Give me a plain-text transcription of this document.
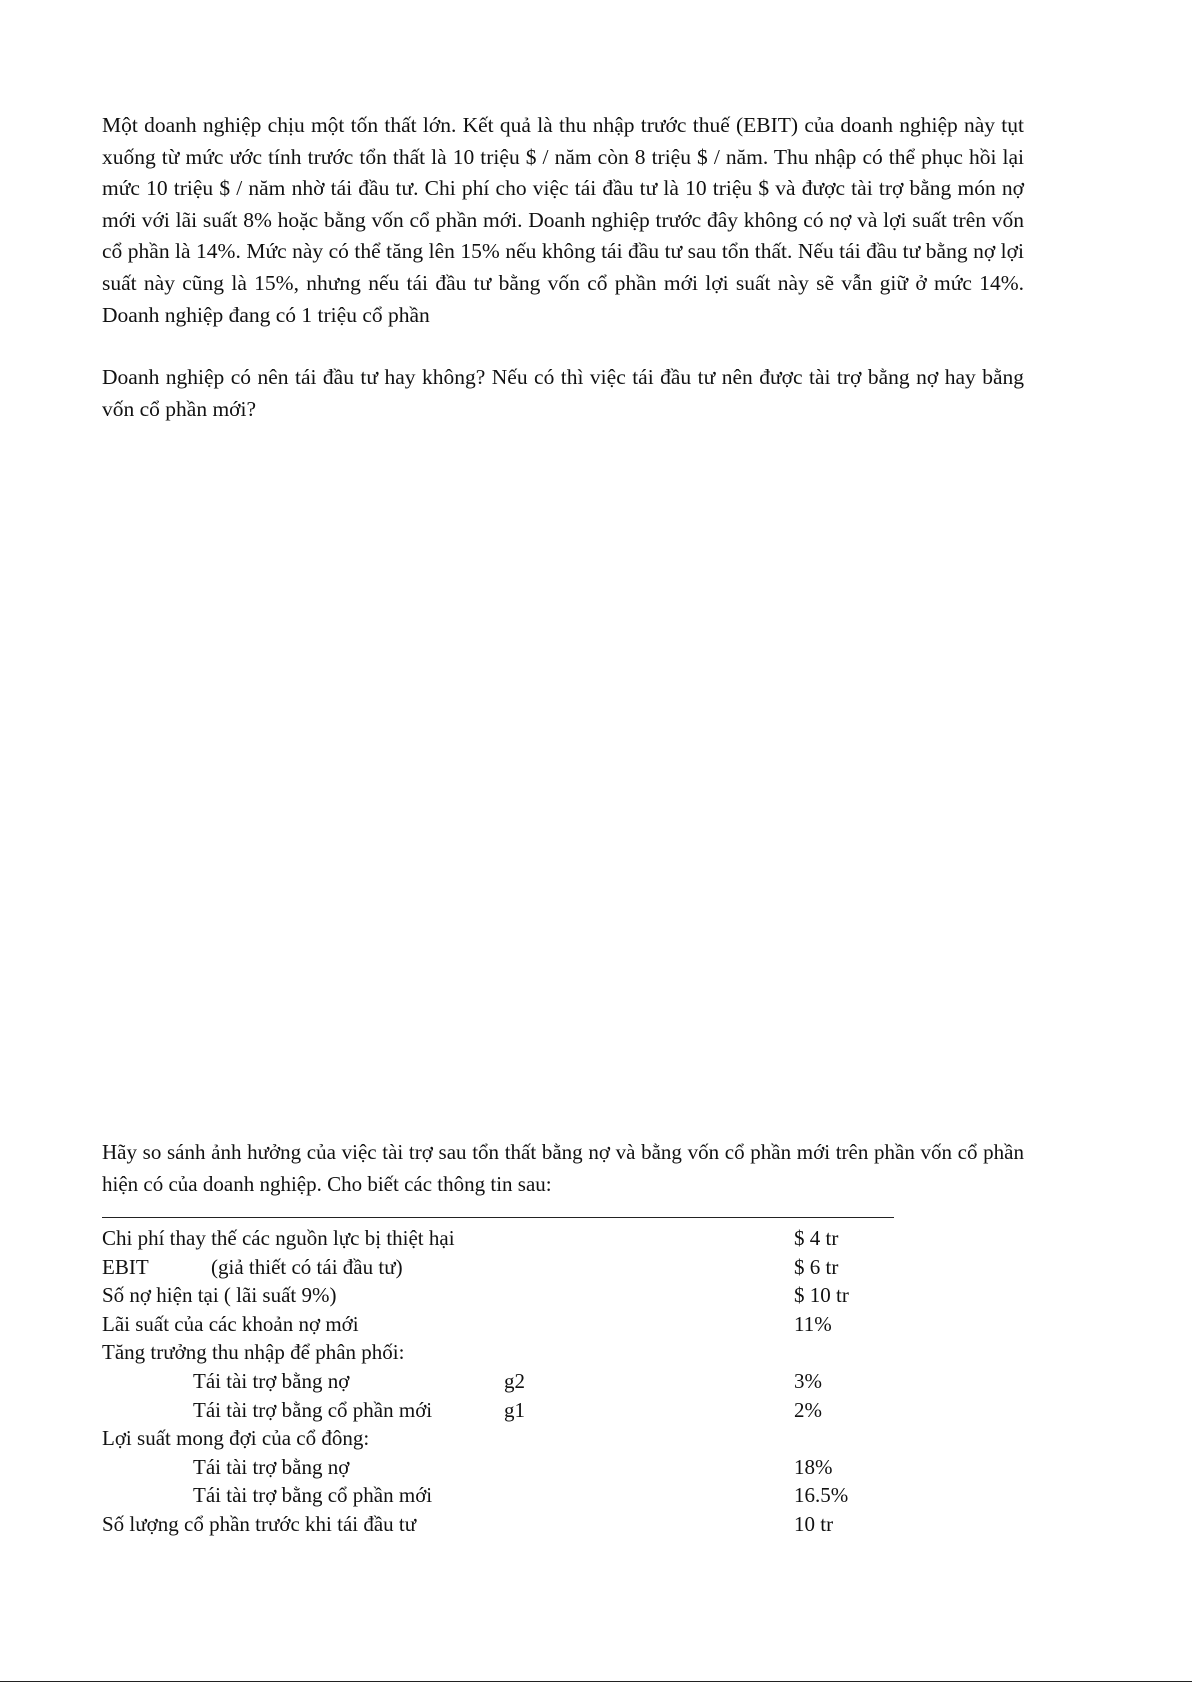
Một doanh nghiệp chịu một tốn thất lớn. Kết quả là thu nhập trước thuế (EBIT) của doanh nghiệp này tụt xuống từ mức ước tính trước tổn thất là 10 triệu $ / năm còn 8 triệu $ / năm. Thu nhập có thể phục hồi lại mức 10 triệu $ / năm nhờ tái đầu tư. Chi phí cho việc tái đầu tư là 10 triệu $ và được tài trợ bằng món nợ mới với lãi suất 8% hoặc bằng vốn cổ phần mới. Doanh nghiệp trước đây không có nợ và lợi suất trên vốn cổ phần là 14%. Mức này có thể tăng lên 15% nếu không tái đầu tư sau tổn thất. Nếu tái đầu tư bằng nợ lợi suất này cũng là 15%, nhưng nếu tái đầu tư bằng vốn cổ phần mới lợi suất này sẽ vẫn giữ ở mức 14%. Doanh nghiệp đang có 1 triệu cổ phần

Doanh nghiệp có nên tái đầu tư hay không? Nếu có thì việc tái đầu tư nên được tài trợ bằng nợ hay bằng vốn cổ phần mới?

Hãy so sánh ảnh hưởng của việc tài trợ sau tổn thất bằng nợ và bằng vốn cổ phần mới trên phần vốn cổ phần hiện có của doanh nghiệp. Cho biết các thông tin sau:

Chi phí thay thế các nguồn lực bị thiệt hại	$ 4 tr
EBIT	(giả thiết có tái đầu tư)	$ 6 tr
Số nợ hiện tại ( lãi suất 9%)	$ 10 tr
Lãi suất của các khoản nợ mới	11%
Tăng trưởng thu nhập để phân phối:
Tái tài trợ bằng nợ	g2	3%
Tái tài trợ bằng cổ phần mới	g1	2%
Lợi suất mong đợi của cổ đông:
Tái tài trợ bằng nợ	18%
Tái tài trợ bằng cổ phần mới	16.5%
Số lượng cổ phần trước khi tái đầu tư	10 tr
